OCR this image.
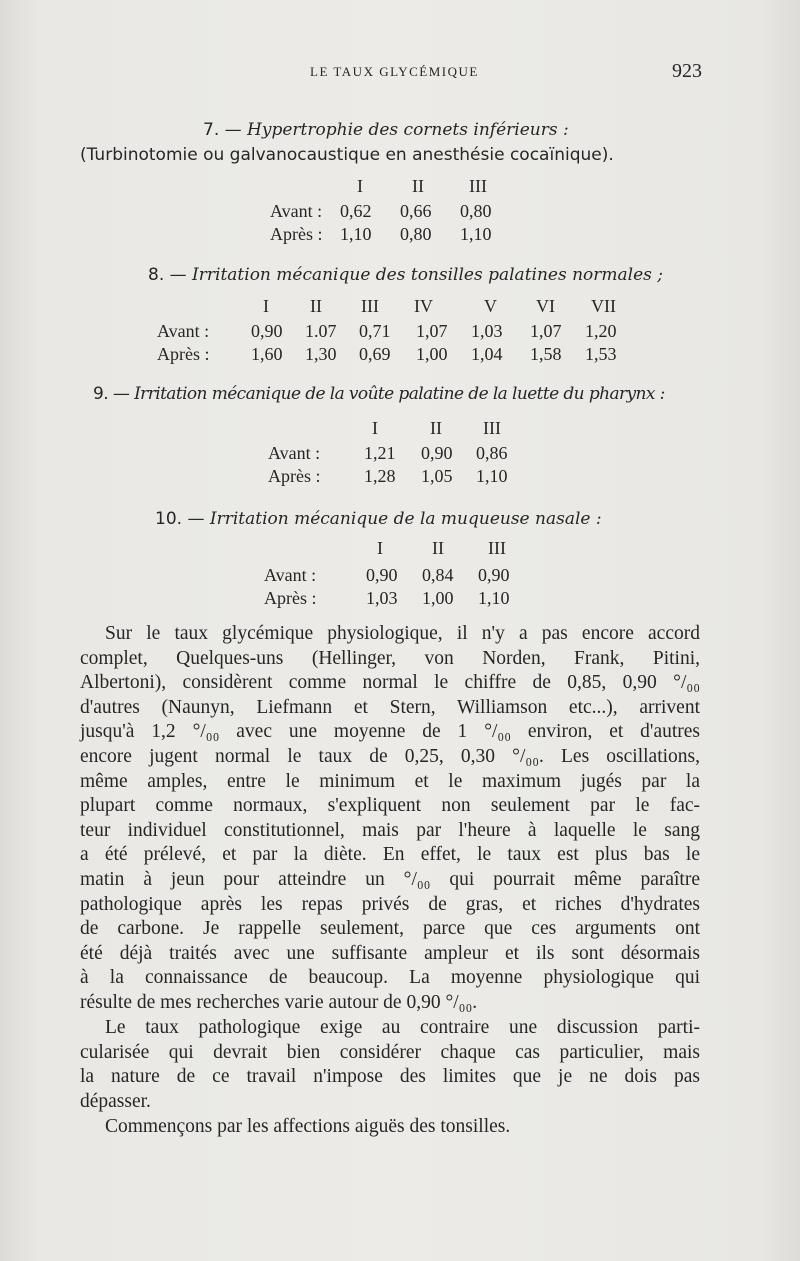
LE TAUX GLYCÉMIQUE	923
7. — Hypertrophie des cornets inférieurs :
(Turbinotomie ou galvanocaustique en anesthésie cocaïnique).
I	II	III
Avant : 0,62 0,66 0,80
Après : 1,10 0,80 1,10
8. — Irritation mécanique des tonsilles palatines normales ;
I II III IV	V VI VII
Avant : 0,90 1.07 0,71 1,07 1,03 1,07 1,20
Après : 1,60 1,30 0,69 1,00 1,04 1,58 1,53
9. — Irritation mécanique de la voûte palatine de la luette du pharynx :
I	II III
Avant : 1,21 0,90 0,86
Après : 1,28 1,05 1,10
10. — Irritation mécanique de la muqueuse nasale :
I	II III
Avant :	0,90 0,84 0,90
Après :	1,03 1,00 1,10
Sur le taux glycémique physiologique, il n'y a pas encore accord
complet, Quelques-uns (Hellinger, von Norden, Frank, Pitini,
Albertoni), considèrent comme normal le chiffre de 0,85, 0,90 °/₀₀
d'autres (Naunyn, Liefmann et Stern, Williamson etc...), arrivent
jusqu'à 1,2 °/₀₀ avec une moyenne de 1 °/₀₀ environ, et d'autres
encore jugent normal le taux de 0,25, 0,30 °/₀₀. Les oscillations,
même amples, entre le minimum et le maximum jugés par la
plupart comme normaux, s'expliquent non seulement par le fac-
teur individuel constitutionnel, mais par l'heure à laquelle le sang
a été prélevé, et par la diète. En effet, le taux est plus bas le
matin à jeun pour atteindre un °/₀₀ qui pourrait même paraître
pathologique après les repas privés de gras, et riches d'hydrates
de carbone. Je rappelle seulement, parce que ces arguments ont
été déjà traités avec une suffisante ampleur et ils sont désormais
à la connaissance de beaucoup. La moyenne physiologique qui
résulte de mes recherches varie autour de 0,90 °/₀₀.
Le taux pathologique exige au contraire une discussion parti-
cularisée qui devrait bien considérer chaque cas particulier, mais
la nature de ce travail n'impose des limites que je ne dois pas
dépasser.
Commençons par les affections aiguës des tonsilles.
